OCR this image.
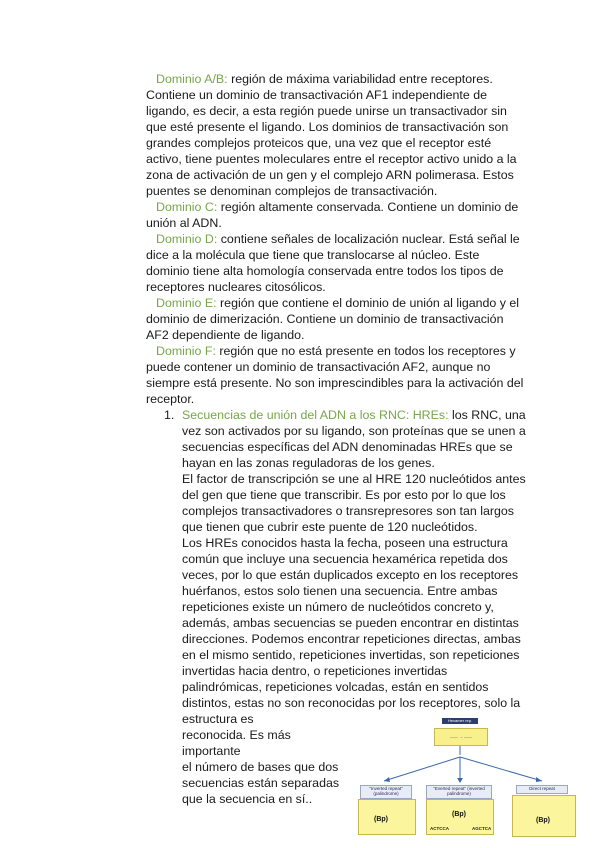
Dominio A/B: región de máxima variabilidad entre receptores. Contiene un dominio de transactivación AF1 independiente de ligando, es decir, a esta región puede unirse un transactivador sin que esté presente el ligando. Los dominios de transactivación son grandes complejos proteicos que, una vez que el receptor esté activo, tiene puentes moleculares entre el receptor activo unido a la zona de activación de un gen y el complejo ARN polimerasa. Estos puentes se denominan complejos de transactivación.

Dominio C: región altamente conservada. Contiene un dominio de unión al ADN.

Dominio D: contiene señales de localización nuclear. Está señal le dice a la molécula que tiene que translocarse al núcleo. Este dominio tiene alta homología conservada entre todos los tipos de receptores nucleares citosólicos.

Dominio E: región que contiene el dominio de unión al ligando y el dominio de dimerización. Contiene un dominio de transactivación AF2 dependiente de ligando.

Dominio F: región que no está presente en todos los receptores y puede contener un dominio de transactivación AF2, aunque no siempre está presente. No son imprescindibles para la activación del receptor.

1. Secuencias de unión del ADN a los RNC: HREs: los RNC, una vez son activados por su ligando, son proteínas que se unen a secuencias específicas del ADN denominadas HREs que se hayan en las zonas reguladoras de los genes.

El factor de transcripción se une al HRE 120 nucleótidos antes del gen que tiene que transcribir. Es por esto por lo que los complejos transactivadores o transrepresores son tan largos que tienen que cubrir este puente de 120 nucleótidos.

Los HREs conocidos hasta la fecha, poseen una estructura común que incluye una secuencia hexamérica repetida dos veces, por lo que están duplicados excepto en los receptores huérfanos, estos solo tienen una secuencia. Entre ambas repeticiones existe un número de nucleótidos concreto y, además, ambas secuencias se pueden encontrar en distintas direcciones. Podemos encontrar repeticiones directas, ambas en el mismo sentido, repeticiones invertidas, son repeticiones invertidas hacia dentro, o repeticiones invertidas palindrómicas, repeticiones volcadas, están en sentidos distintos, estas no son reconocidas por los receptores, solo la estructura es

reconocida. Es más importante
el número de bases que dos
secuencias están separadas
que la secuencia en sí..

Hexamer rep.
—— → ——
"Inverted repeat" (palindrome)
(Bp)
"Everted repeat" (inverted palindrome)
(Bp)
ACTCCA	AGCTCA
Direct repeat
(Bp)
